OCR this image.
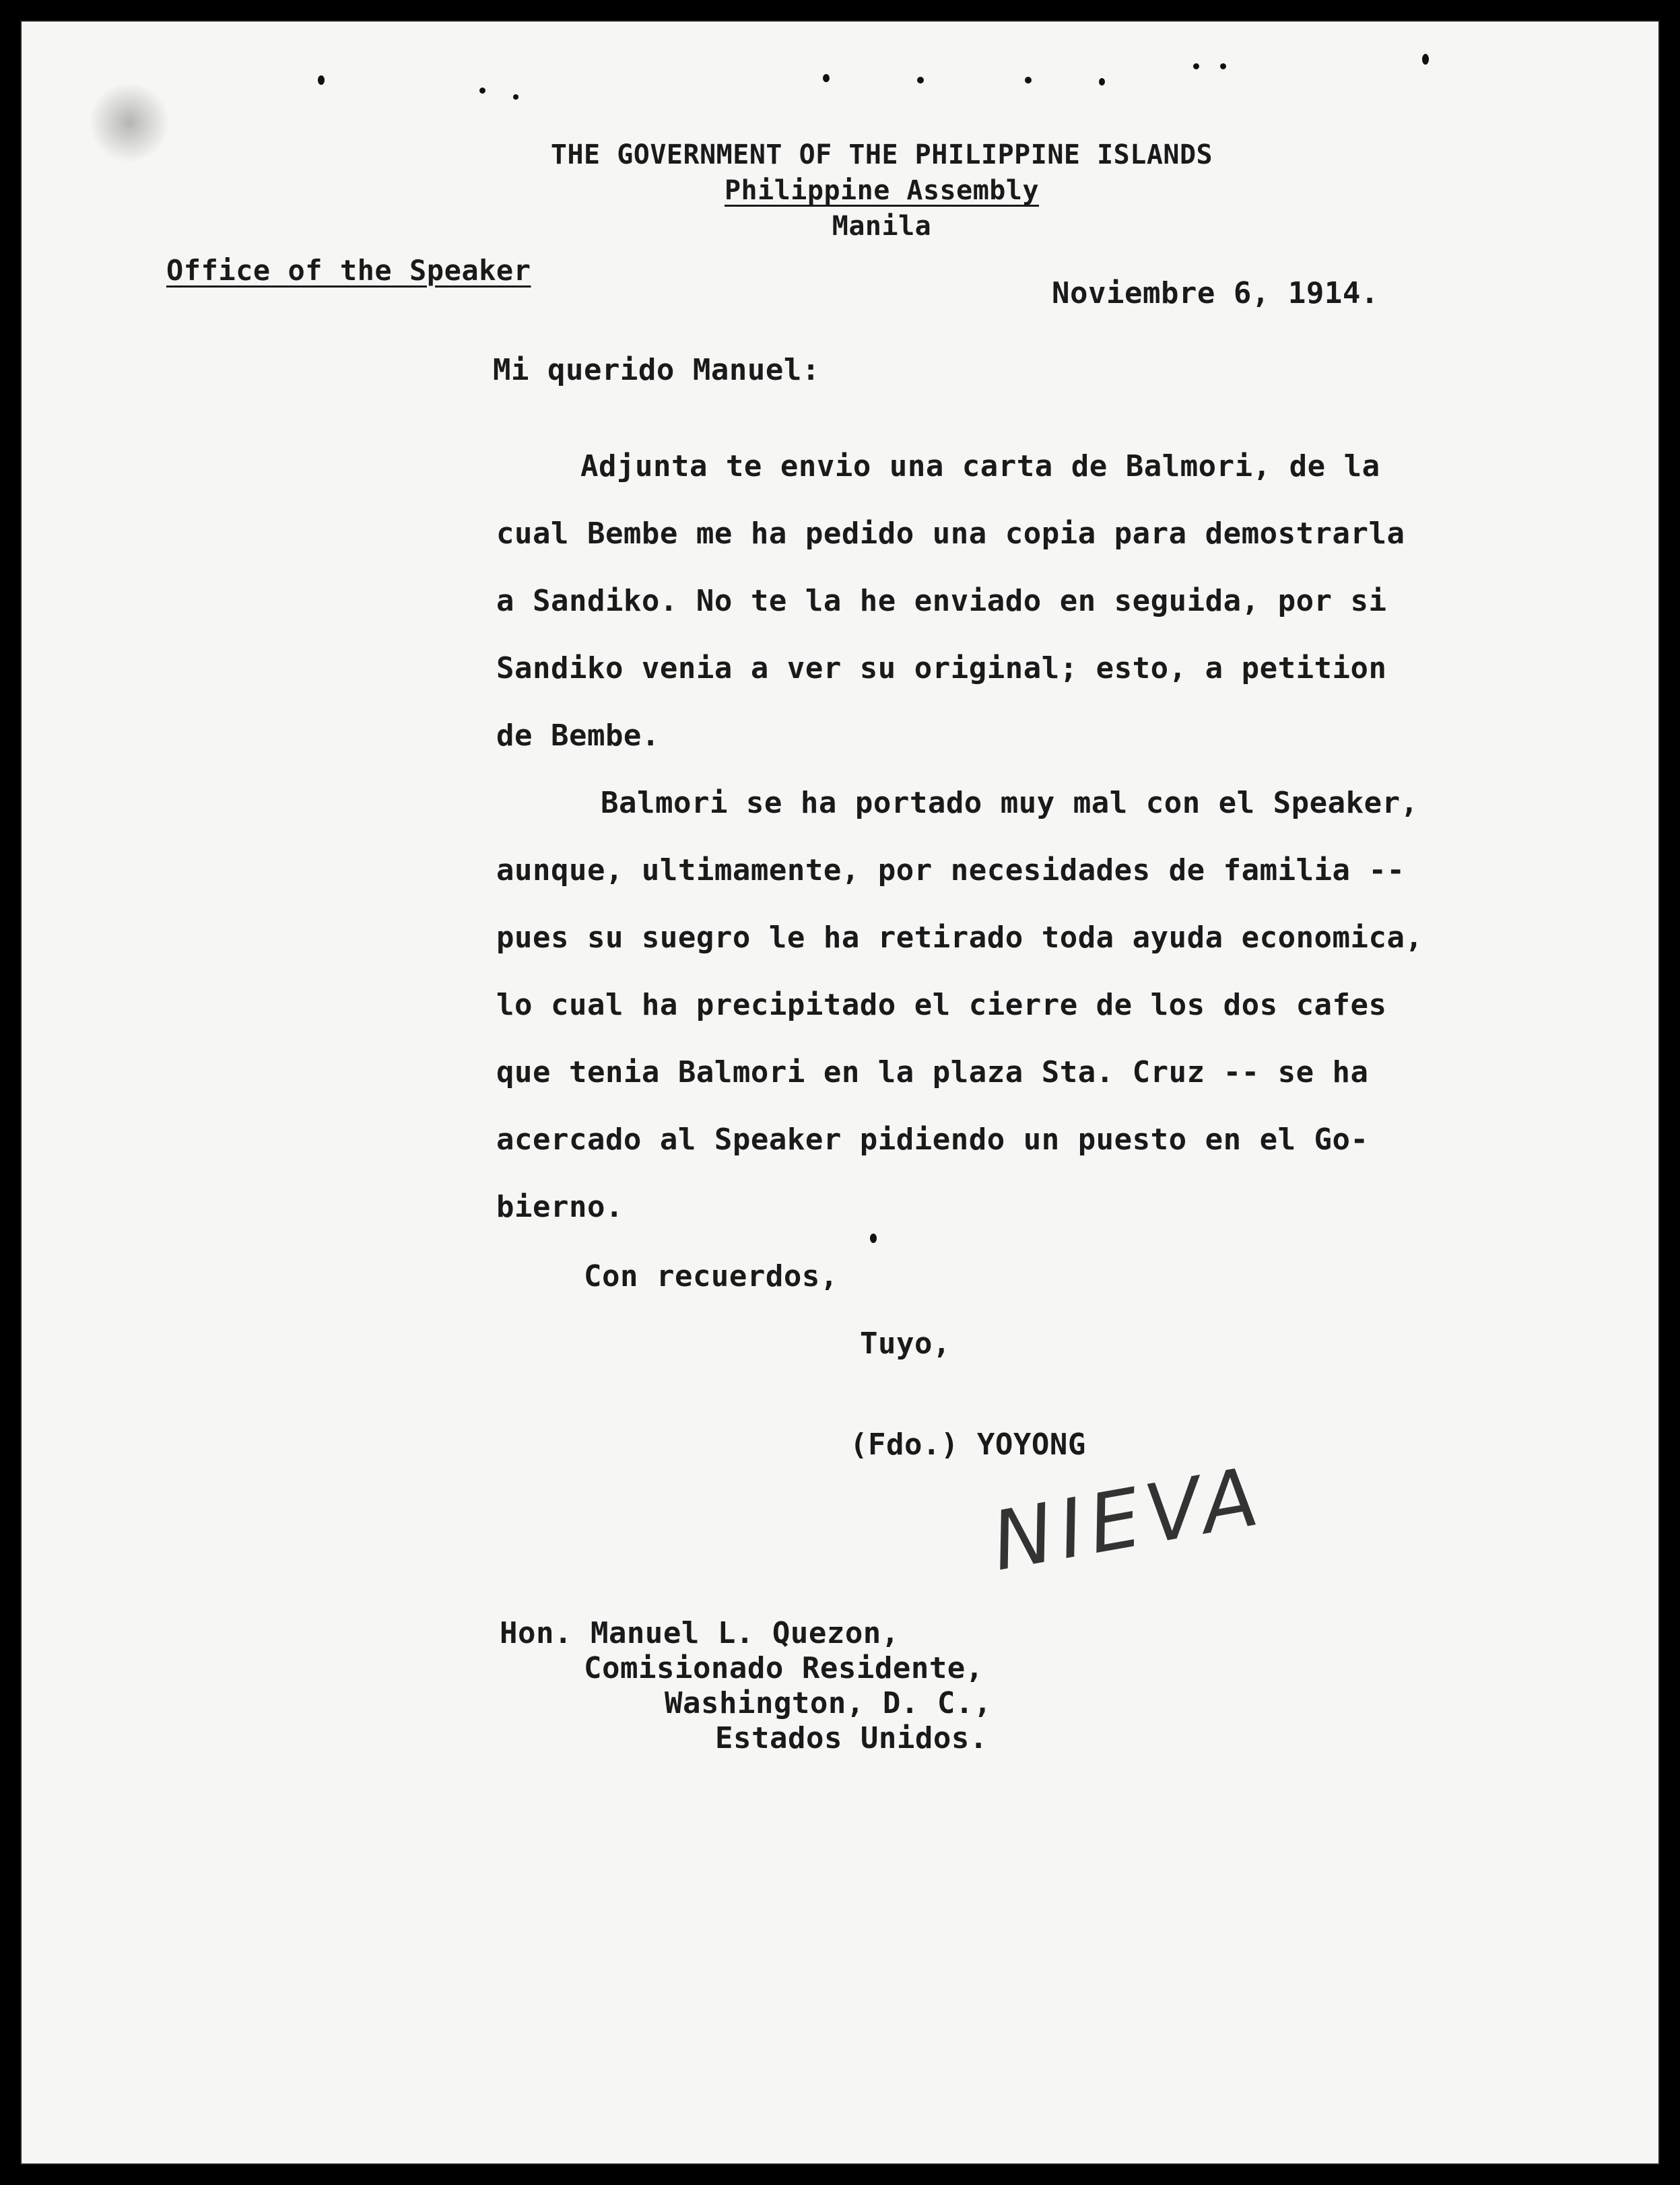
THE GOVERNMENT OF THE PHILIPPINE ISLANDS
Philippine Assembly
Manila
Office of the Speaker
Noviembre 6, 1914.
Mi querido Manuel:
Adjunta te envio una carta de Balmori, de la
cual Bembe me ha pedido una copia para demostrarla
a Sandiko. No te la he enviado en seguida, por si
Sandiko venia a ver su original; esto, a petition
de Bembe.
Balmori se ha portado muy mal con el Speaker,
aunque, ultimamente, por necesidades de familia --
pues su suegro le ha retirado toda ayuda economica,
lo cual ha precipitado el cierre de los dos cafes
que tenia Balmori en la plaza Sta. Cruz -- se ha
acercado al Speaker pidiendo un puesto en el Go-
bierno.
Con recuerdos,
Tuyo,
(Fdo.) YOYONG
NIEVA
Hon. Manuel L. Quezon,
Comisionado Residente,
Washington, D. C.,
Estados Unidos.
